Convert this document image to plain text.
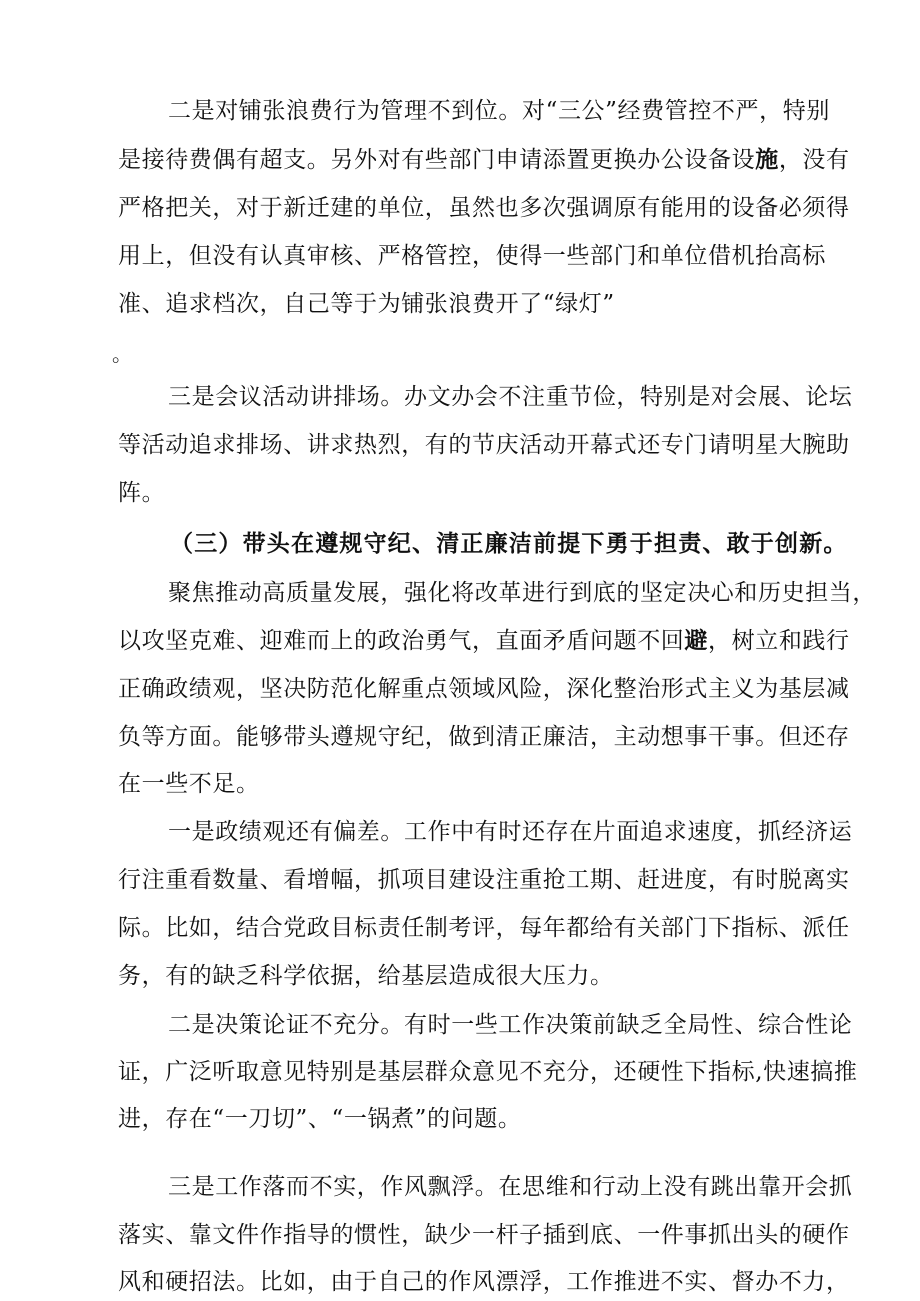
二是对铺张浪费行为管理不到位。对“三公”经费管控不严，特别
是接待费偶有超支。另外对有些部门申请添置更换办公设备设施，没有
严格把关，对于新迁建的单位，虽然也多次强调原有能用的设备必须得
用上，但没有认真审核、严格管控，使得一些部门和单位借机抬高标
准、追求档次，自己等于为铺张浪费开了“绿灯”
。
三是会议活动讲排场。办文办会不注重节俭，特别是对会展、论坛
等活动追求排场、讲求热烈，有的节庆活动开幕式还专门请明星大腕助
阵。
（三）带头在遵规守纪、清正廉洁前提下勇于担责、敢于创新。
聚焦推动高质量发展，强化将改革进行到底的坚定决心和历史担当，
以攻坚克难、迎难而上的政治勇气，直面矛盾问题不回避，树立和践行
正确政绩观，坚决防范化解重点领域风险，深化整治形式主义为基层减
负等方面。能够带头遵规守纪，做到清正廉洁，主动想事干事。但还存
在一些不足。
一是政绩观还有偏差。工作中有时还存在片面追求速度，抓经济运
行注重看数量、看增幅，抓项目建设注重抢工期、赶进度，有时脱离实
际。比如，结合党政目标责任制考评，每年都给有关部门下指标、派任
务，有的缺乏科学依据，给基层造成很大压力。
二是决策论证不充分。有时一些工作决策前缺乏全局性、综合性论
证，广泛听取意见特别是基层群众意见不充分，还硬性下指标,快速搞推
进，存在“一刀切”、“一锅煮”的问题。
三是工作落而不实，作风飘浮。在思维和行动上没有跳出靠开会抓
落实、靠文件作指导的惯性，缺少一杆子插到底、一件事抓出头的硬作
风和硬招法。比如，由于自己的作风漂浮，工作推进不实、督办不力，
